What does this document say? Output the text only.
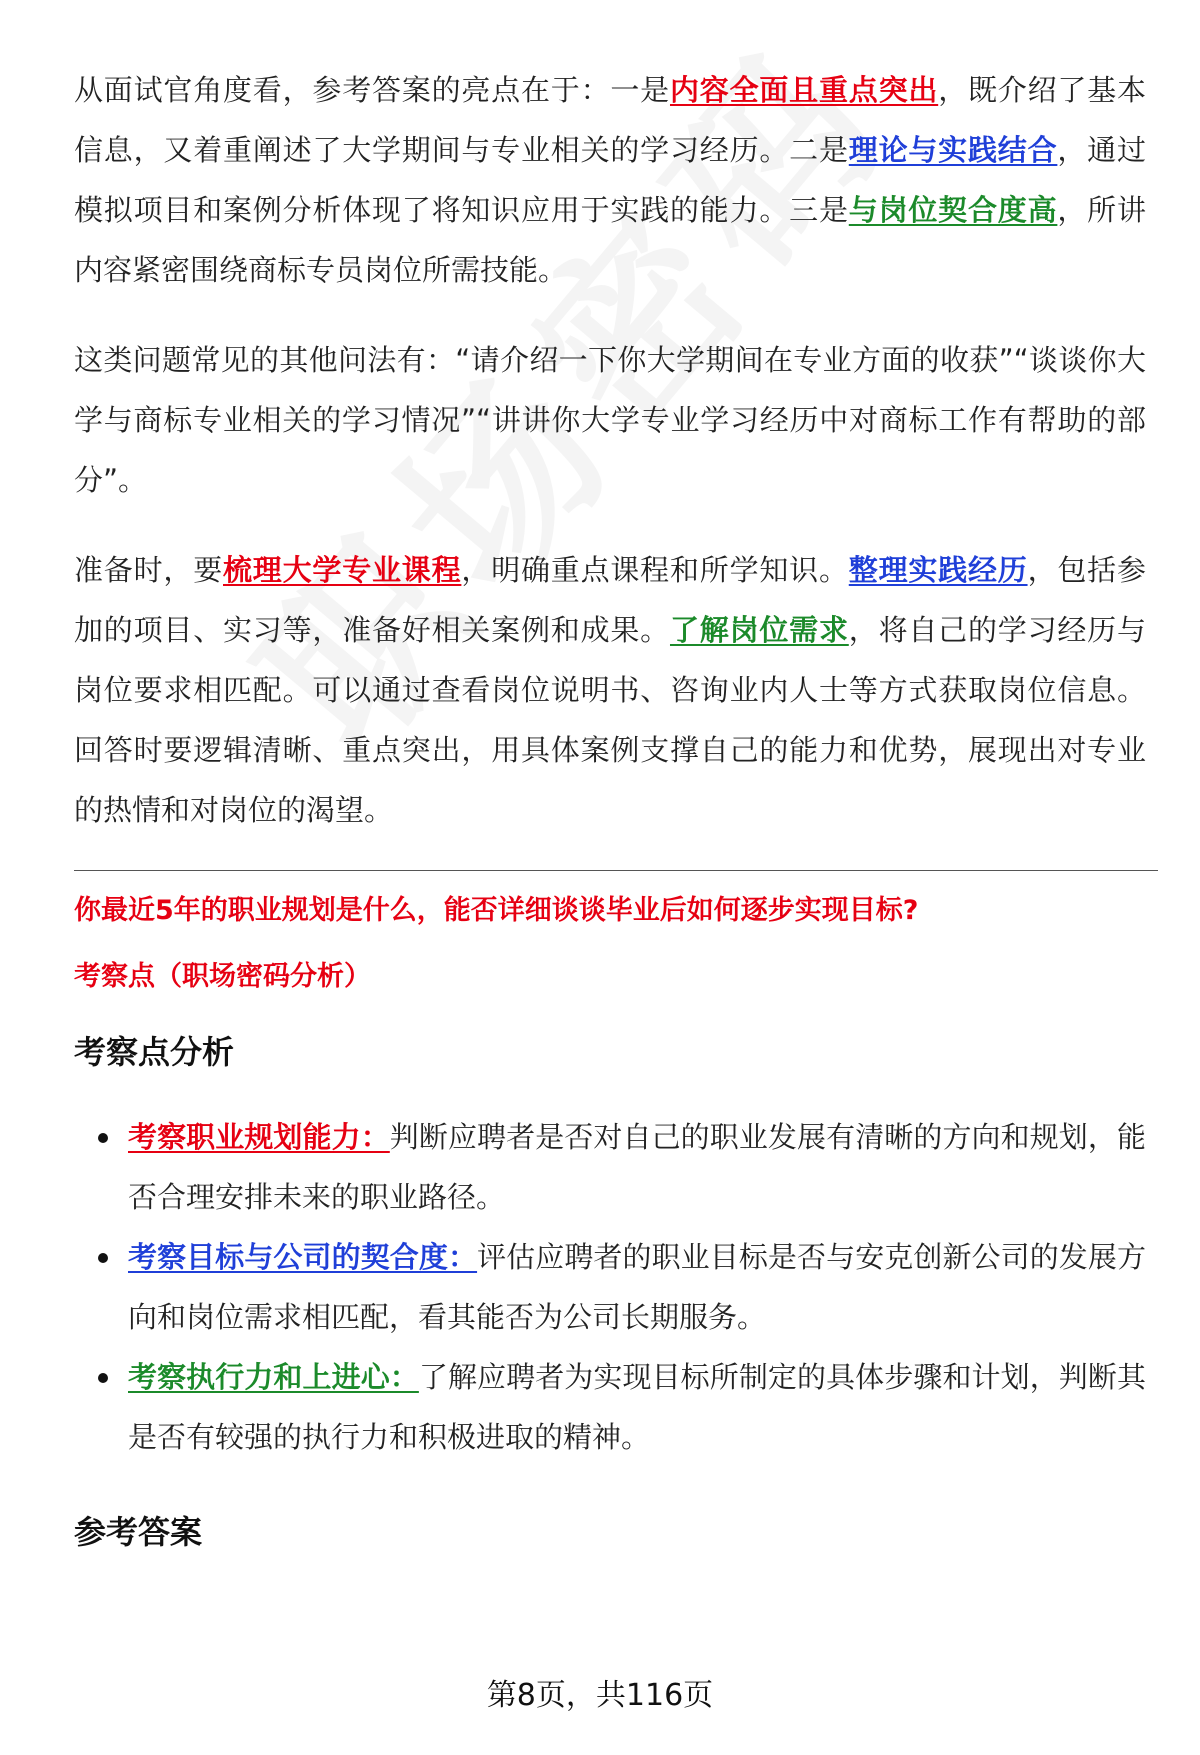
从面试官角度看，参考答案的亮点在于：一是内容全面且重点突出，既介绍了基本信息，又着重阐述了大学期间与专业相关的学习经历。二是理论与实践结合，通过模拟项目和案例分析体现了将知识应用于实践的能力。三是与岗位契合度高，所讲内容紧密围绕商标专员岗位所需技能。

这类问题常见的其他问法有：“请介绍一下你大学期间在专业方面的收获”“谈谈你大学与商标专业相关的学习情况”“讲讲你大学专业学习经历中对商标工作有帮助的部分”。

准备时，要梳理大学专业课程，明确重点课程和所学知识。整理实践经历，包括参加的项目、实习等，准备好相关案例和成果。了解岗位需求，将自己的学习经历与岗位要求相匹配。可以通过查看岗位说明书、咨询业内人士等方式获取岗位信息。回答时要逻辑清晰、重点突出，用具体案例支撑自己的能力和优势，展现出对专业的热情和对岗位的渴望。

你最近5年的职业规划是什么，能否详细谈谈毕业后如何逐步实现目标?
考察点（职场密码分析）
考察点分析
考察职业规划能力：判断应聘者是否对自己的职业发展有清晰的方向和规划，能否合理安排未来的职业路径。
考察目标与公司的契合度：评估应聘者的职业目标是否与安克创新公司的发展方向和岗位需求相匹配，看其能否为公司长期服务。
考察执行力和上进心：了解应聘者为实现目标所制定的具体步骤和计划，判断其是否有较强的执行力和积极进取的精神。
参考答案
第8页，共116页
